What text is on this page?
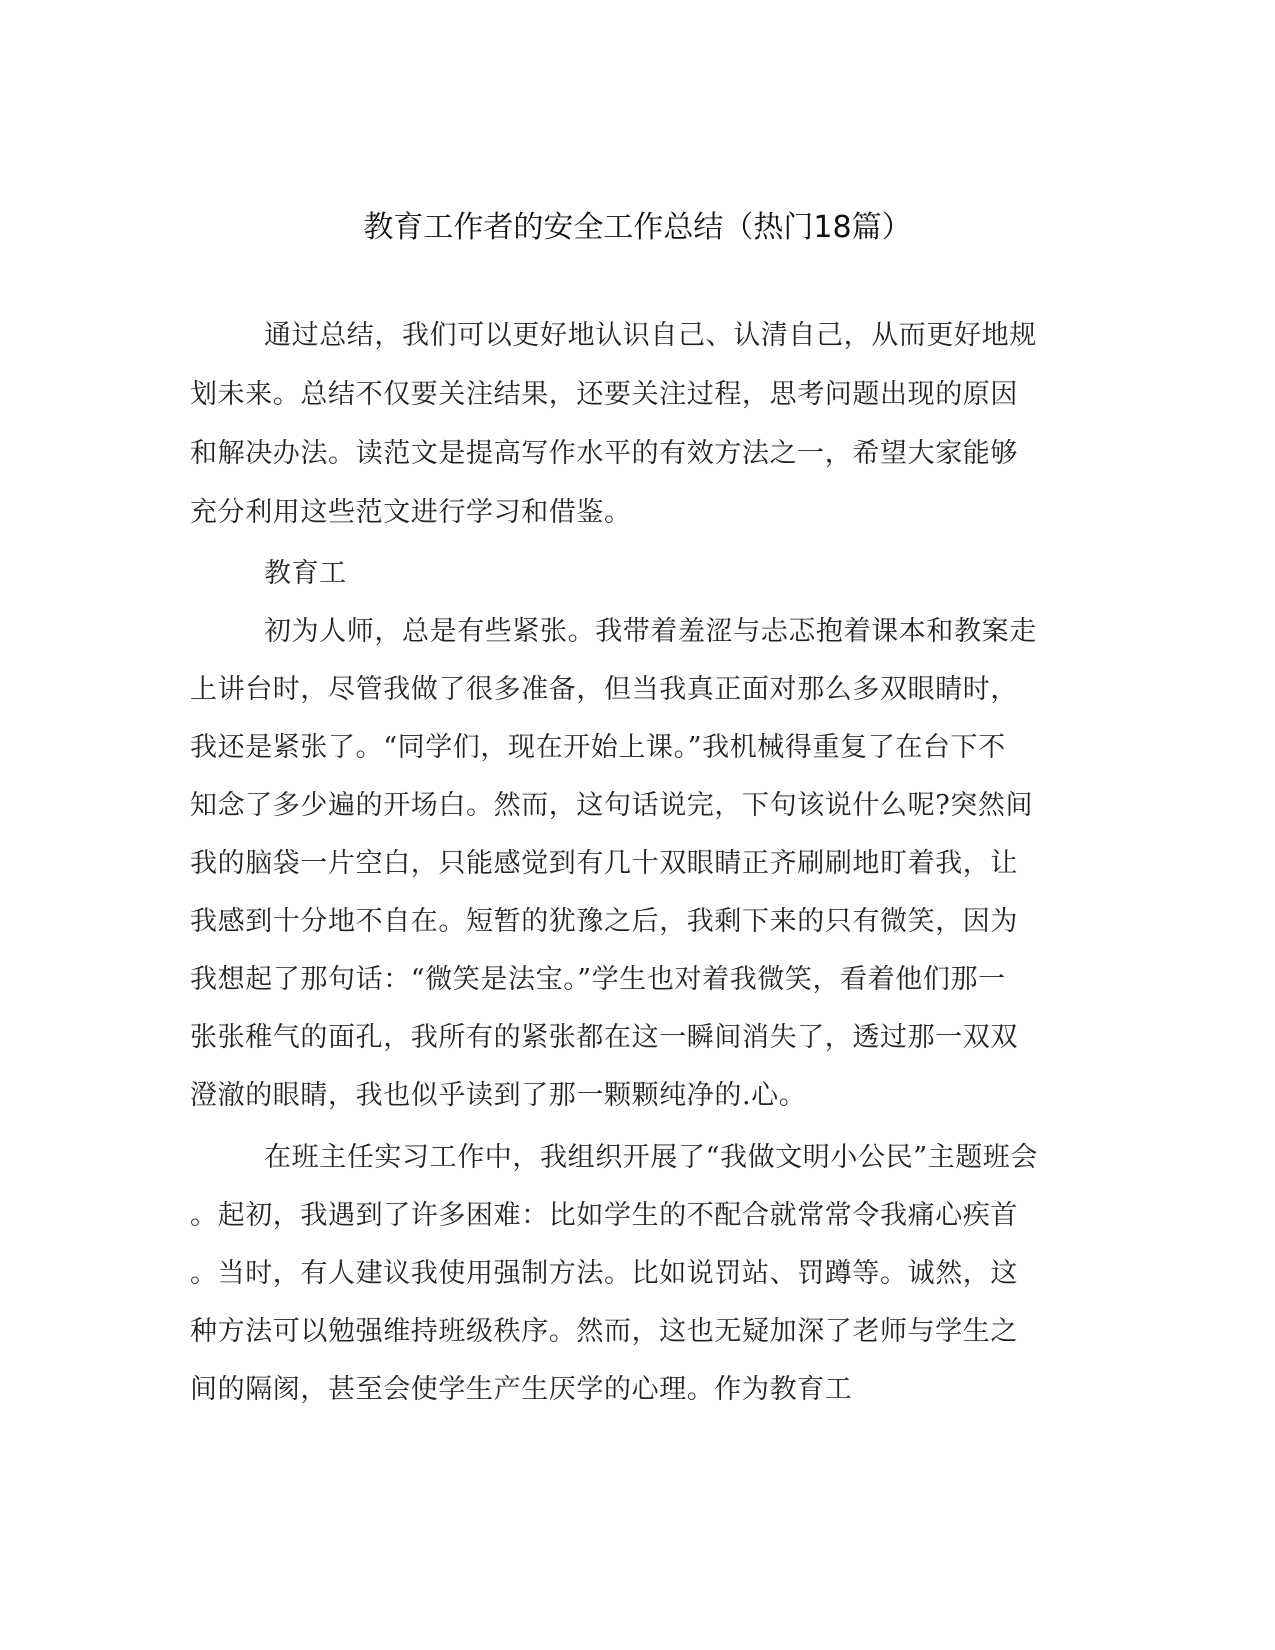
教育工作者的安全工作总结（热门18篇）
通过总结，我们可以更好地认识自己、认清自己，从而更好地规
划未来。总结不仅要关注结果，还要关注过程，思考问题出现的原因
和解决办法。读范文是提高写作水平的有效方法之一，希望大家能够
充分利用这些范文进行学习和借鉴。
教育工
初为人师，总是有些紧张。我带着羞涩与忐忑抱着课本和教案走
上讲台时，尽管我做了很多准备，但当我真正面对那么多双眼睛时，
我还是紧张了。“同学们，现在开始上课。”我机械得重复了在台下不
知念了多少遍的开场白。然而，这句话说完，下句该说什么呢?突然间
我的脑袋一片空白，只能感觉到有几十双眼睛正齐刷刷地盯着我，让
我感到十分地不自在。短暂的犹豫之后，我剩下来的只有微笑，因为
我想起了那句话：“微笑是法宝。”学生也对着我微笑，看着他们那一
张张稚气的面孔，我所有的紧张都在这一瞬间消失了，透过那一双双
澄澈的眼睛，我也似乎读到了那一颗颗纯净的.心。
在班主任实习工作中，我组织开展了“我做文明小公民”主题班会
。起初，我遇到了许多困难：比如学生的不配合就常常令我痛心疾首
。当时，有人建议我使用强制方法。比如说罚站、罚蹲等。诚然，这
种方法可以勉强维持班级秩序。然而，这也无疑加深了老师与学生之
间的隔阂，甚至会使学生产生厌学的心理。作为教育工
